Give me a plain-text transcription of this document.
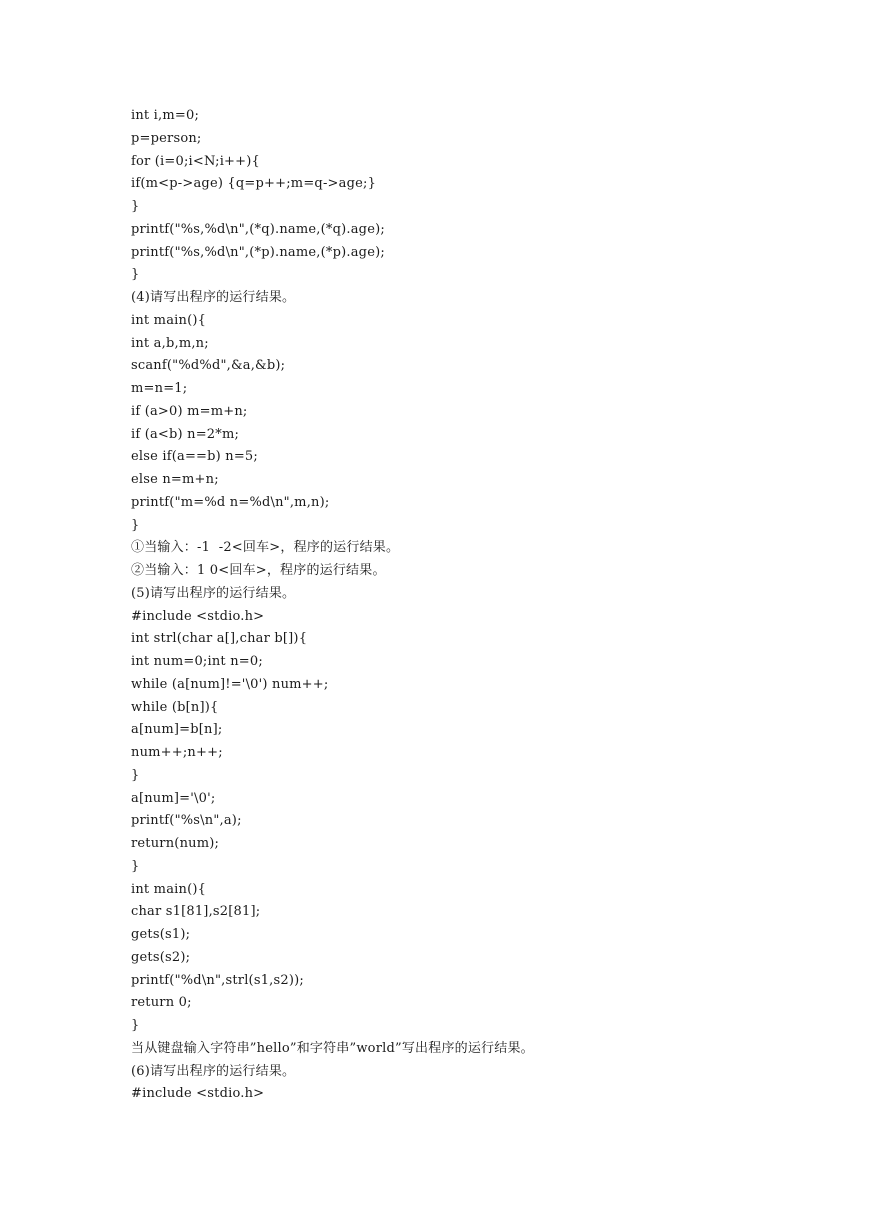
int i,m=0;
p=person;
for (i=0;i<N;i++){
if(m<p->age) {q=p++;m=q->age;}
}
printf("%s,%d\n",(*q).name,(*q).age);
printf("%s,%d\n",(*p).name,(*p).age);
}
(4)请写出程序的运行结果。
int main(){
int a,b,m,n;
scanf("%d%d",&a,&b);
m=n=1;
if (a>0) m=m+n;
if (a<b) n=2*m;
else if(a==b) n=5;
else n=m+n;
printf("m=%d n=%d\n",m,n);
}
①当输入：-1  -2<回车>，程序的运行结果。
②当输入：1 0<回车>，程序的运行结果。
(5)请写出程序的运行结果。
#include <stdio.h>
int strl(char a[],char b[]){
int num=0;int n=0;
while (a[num]!='\0') num++;
while (b[n]){
a[num]=b[n];
num++;n++;
}
a[num]='\0';
printf("%s\n",a);
return(num);
}
int main(){
char s1[81],s2[81];
gets(s1);
gets(s2);
printf("%d\n",strl(s1,s2));
return 0;
}
当从键盘输入字符串”hello”和字符串”world”写出程序的运行结果。
(6)请写出程序的运行结果。
#include <stdio.h>
